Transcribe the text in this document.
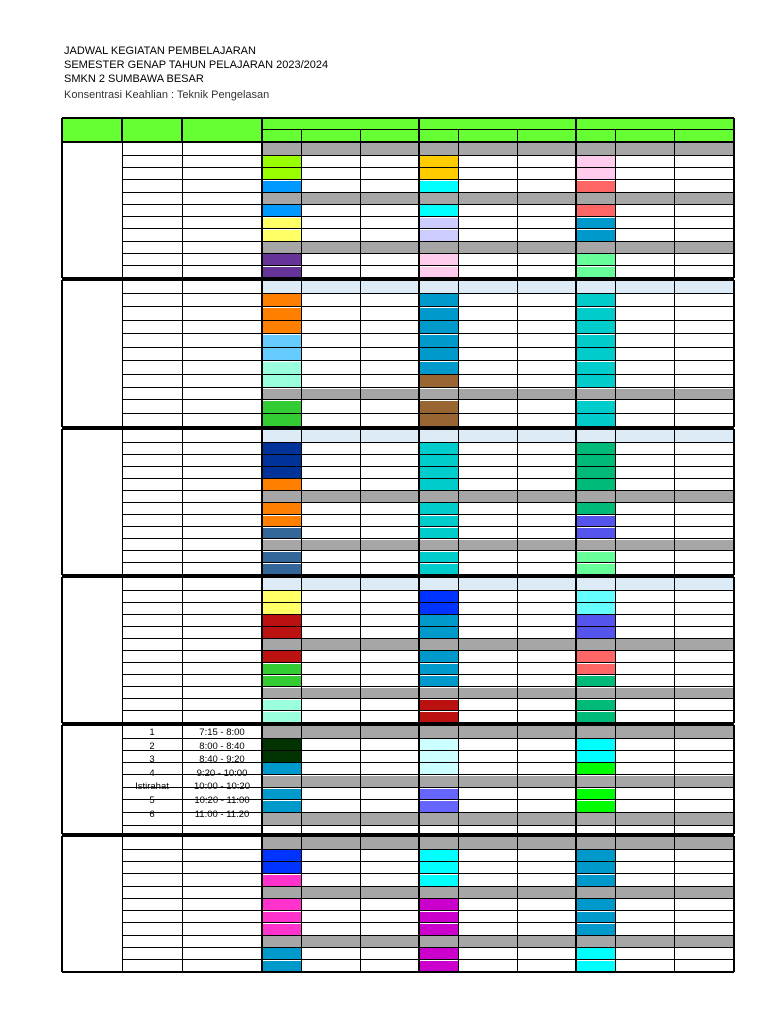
JADWAL KEGIATAN PEMBELAJARAN
SEMESTER GENAP TAHUN PELAJARAN 2023/2024
SMKN 2 SUMBAWA BESAR
Konsentrasi Keahlian : Teknik Pengelasan
1	7:15 - 8:00
2	8:00 - 8:40
3	8:40 - 9:20
4	9:20 - 10:00
Istirahat	10:00 - 10:20
5	10:20 - 11:00
6	11:00 - 11:20
